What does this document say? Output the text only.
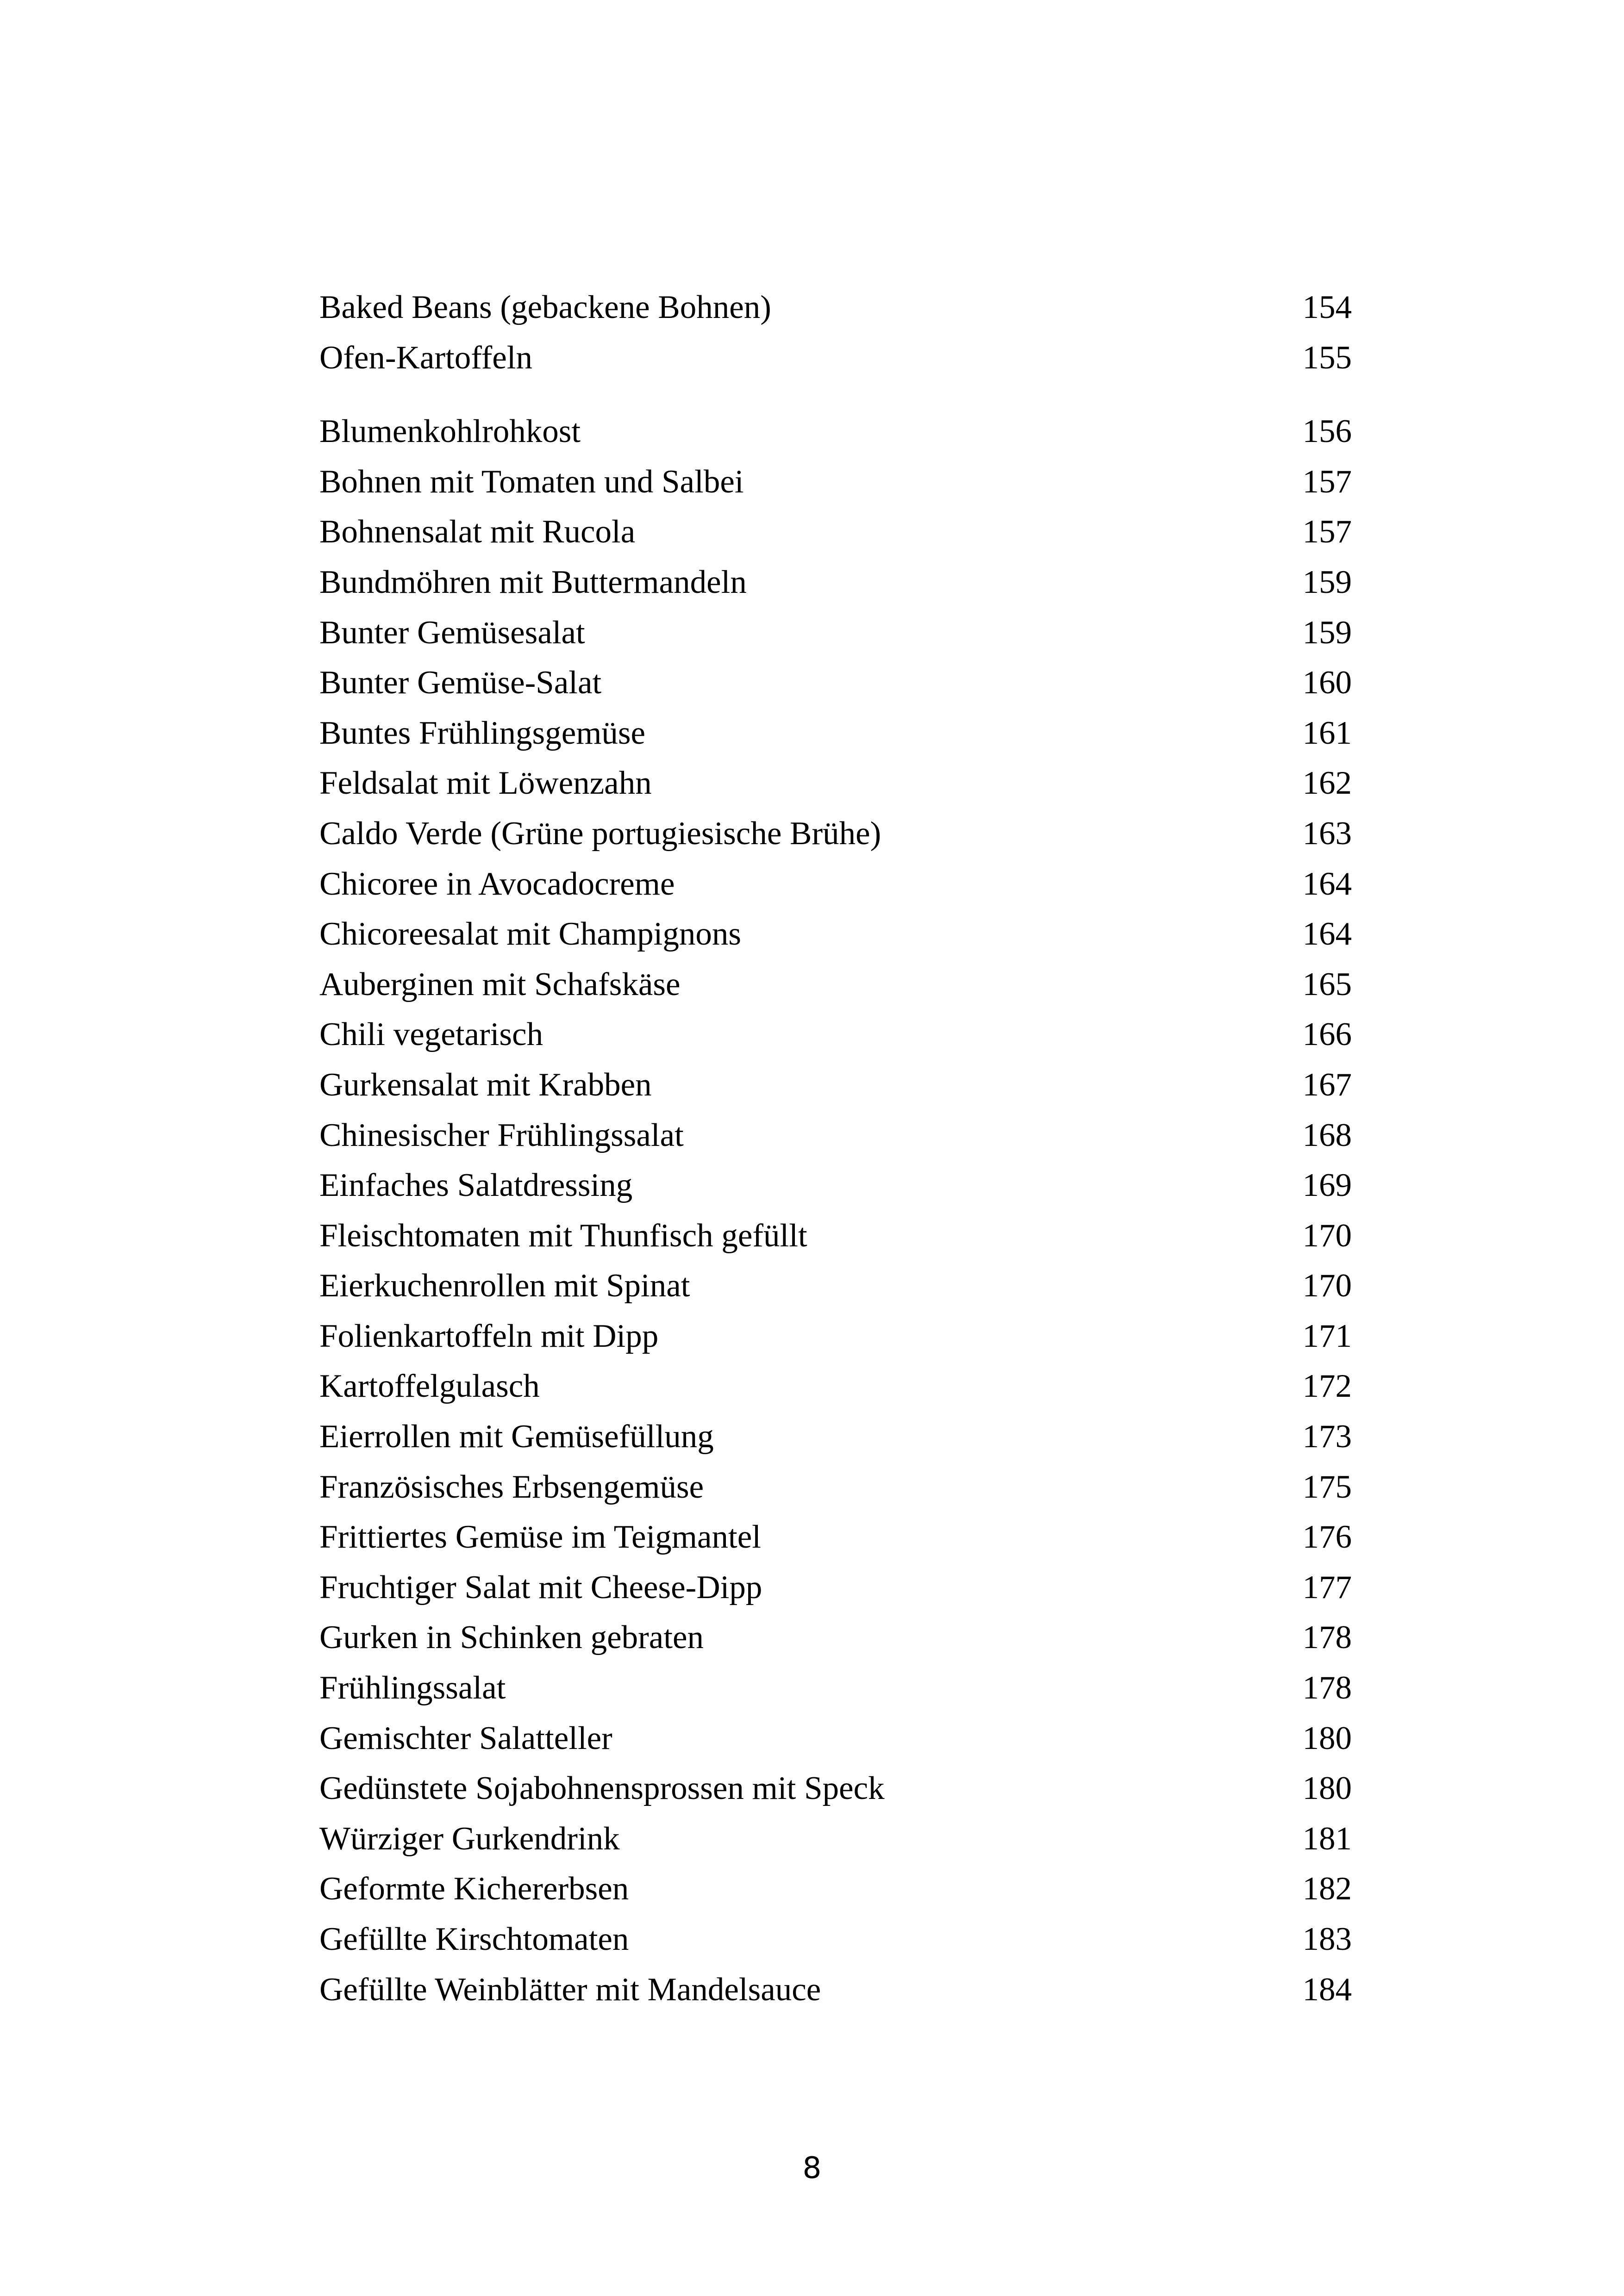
Baked Beans (gebackene Bohnen)	154
Ofen-Kartoffeln	155
Blumenkohlrohkost	156
Bohnen mit Tomaten und Salbei	157
Bohnensalat mit Rucola	157
Bundmöhren mit Buttermandeln	159
Bunter Gemüsesalat	159
Bunter Gemüse-Salat	160
Buntes Frühlingsgemüse	161
Feldsalat mit Löwenzahn	162
Caldo Verde (Grüne portugiesische Brühe)	163
Chicoree in Avocadocreme	164
Chicoreesalat mit Champignons	164
Auberginen mit Schafskäse	165
Chili vegetarisch	166
Gurkensalat mit Krabben	167
Chinesischer Frühlingssalat	168
Einfaches Salatdressing	169
Fleischtomaten mit Thunfisch gefüllt	170
Eierkuchenrollen mit Spinat	170
Folienkartoffeln mit Dipp	171
Kartoffelgulasch	172
Eierrollen mit Gemüsefüllung	173
Französisches Erbsengemüse	175
Frittiertes Gemüse im Teigmantel	176
Fruchtiger Salat mit Cheese-Dipp	177
Gurken in Schinken gebraten	178
Frühlingssalat	178
Gemischter Salatteller	180
Gedünstete Sojabohnensprossen mit Speck	180
Würziger Gurkendrink	181
Geformte Kichererbsen	182
Gefüllte Kirschtomaten	183
Gefüllte Weinblätter mit Mandelsauce	184
8
